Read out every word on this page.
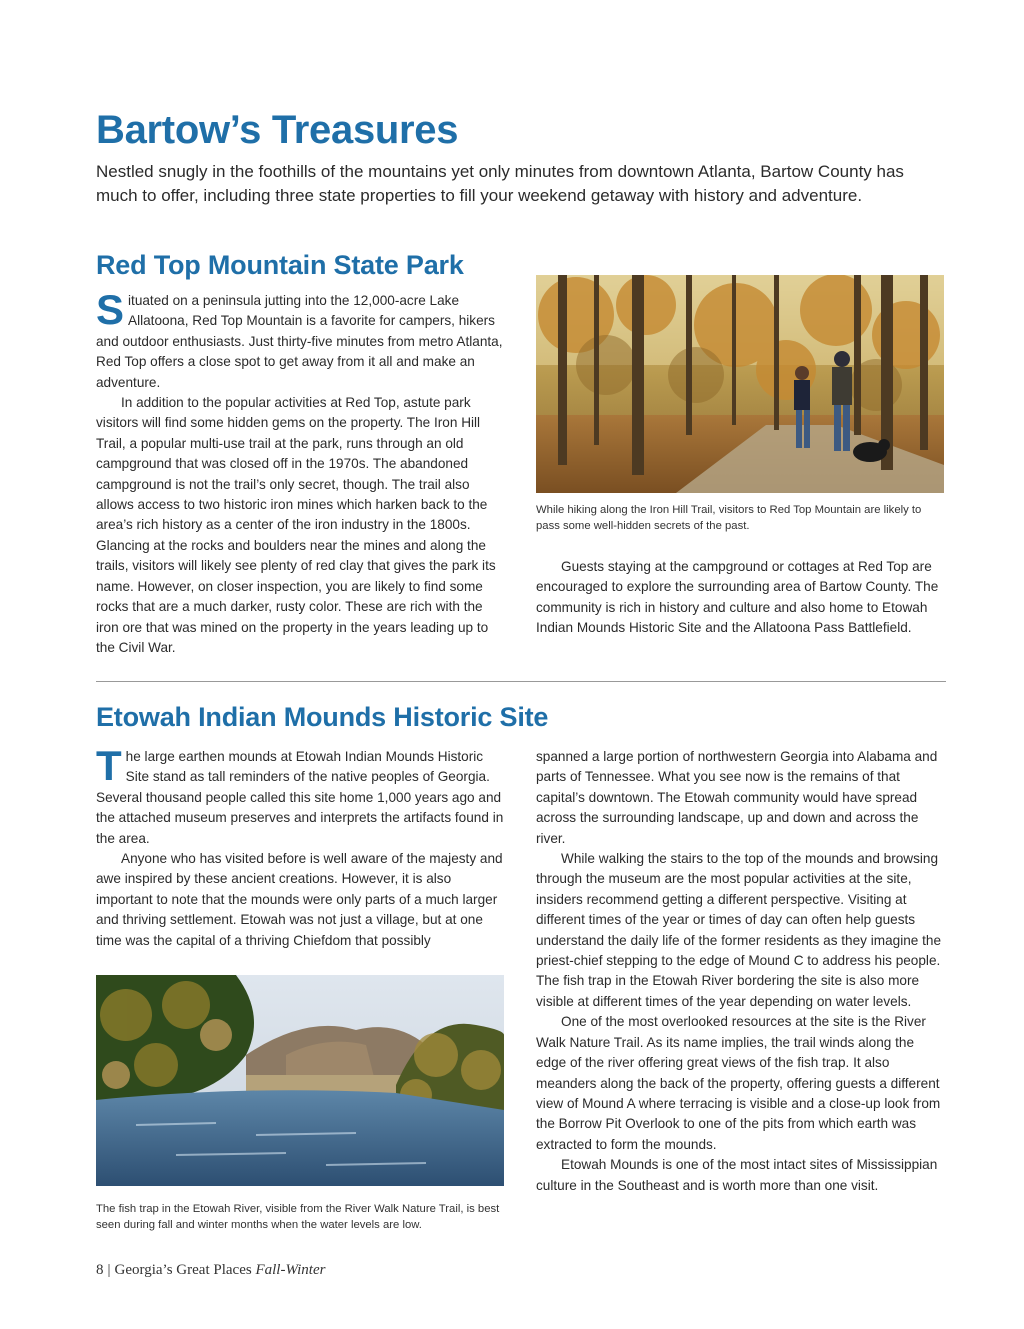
Bartow’s Treasures

Nestled snugly in the foothills of the mountains yet only minutes from downtown Atlanta, Bartow County has much to offer, including three state properties to fill your weekend getaway with history and adventure.

Red Top Mountain State Park

Situated on a peninsula jutting into the 12,000-acre Lake Allatoona, Red Top Mountain is a favorite for campers, hikers and outdoor enthusiasts. Just thirty-five minutes from metro Atlanta, Red Top offers a close spot to get away from it all and make an adventure.

In addition to the popular activities at Red Top, astute park visitors will find some hidden gems on the property. The Iron Hill Trail, a popular multi-use trail at the park, runs through an old campground that was closed off in the 1970s. The abandoned campground is not the trail’s only secret, though. The trail also allows access to two historic iron mines which harken back to the area’s rich history as a center of the iron industry in the 1800s. Glancing at the rocks and boulders near the mines and along the trails, visitors will likely see plenty of red clay that gives the park its name. However, on closer inspection, you are likely to find some rocks that are a much darker, rusty color. These are rich with the iron ore that was mined on the property in the years leading up to the Civil War.

While hiking along the Iron Hill Trail, visitors to Red Top Mountain are likely to pass some well-hidden secrets of the past.

Guests staying at the campground or cottages at Red Top are encouraged to explore the surrounding area of Bartow County. The community is rich in history and culture and also home to Etowah Indian Mounds Historic Site and the Allatoona Pass Battlefield.

Etowah Indian Mounds Historic Site

The large earthen mounds at Etowah Indian Mounds Historic Site stand as tall reminders of the native peoples of Georgia. Several thousand people called this site home 1,000 years ago and the attached museum preserves and interprets the artifacts found in the area.

Anyone who has visited before is well aware of the majesty and awe inspired by these ancient creations. However, it is also important to note that the mounds were only parts of a much larger and thriving settlement. Etowah was not just a village, but at one time was the capital of a thriving Chiefdom that possibly

The fish trap in the Etowah River, visible from the River Walk Nature Trail, is best seen during fall and winter months when the water levels are low.

spanned a large portion of northwestern Georgia into Alabama and parts of Tennessee. What you see now is the remains of that capital’s downtown. The Etowah community would have spread across the surrounding landscape, up and down and across the river.

While walking the stairs to the top of the mounds and browsing through the museum are the most popular activities at the site, insiders recommend getting a different perspective. Visiting at different times of the year or times of day can often help guests understand the daily life of the former residents as they imagine the priest-chief stepping to the edge of Mound C to address his people. The fish trap in the Etowah River bordering the site is also more visible at different times of the year depending on water levels.

One of the most overlooked resources at the site is the River Walk Nature Trail. As its name implies, the trail winds along the edge of the river offering great views of the fish trap. It also meanders along the back of the property, offering guests a different view of Mound A where terracing is visible and a close-up look from the Borrow Pit Overlook to one of the pits from which earth was extracted to form the mounds.

Etowah Mounds is one of the most intact sites of Mississippian culture in the Southeast and is worth more than one visit.

8 | Georgia’s Great Places Fall-Winter
